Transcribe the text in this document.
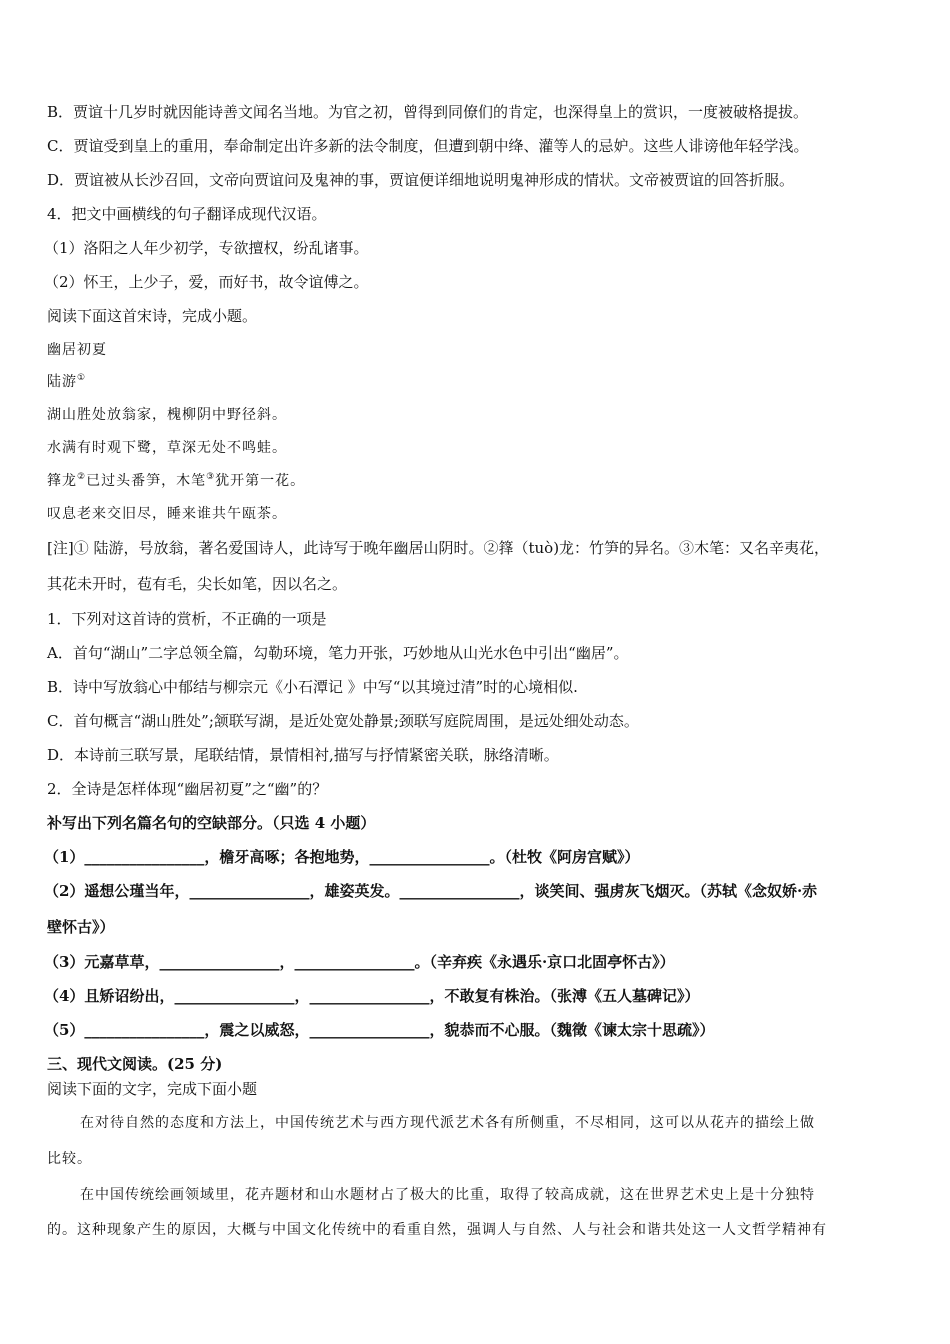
B．贾谊十几岁时就因能诗善文闻名当地。为官之初，曾得到同僚们的肯定，也深得皇上的赏识，一度被破格提拔。
C．贾谊受到皇上的重用，奉命制定出许多新的法令制度，但遭到朝中绛、灌等人的忌妒。这些人诽谤他年轻学浅。
D．贾谊被从长沙召回，文帝向贾谊问及鬼神的事，贾谊便详细地说明鬼神形成的情状。文帝被贾谊的回答折服。
4．把文中画横线的句子翻译成现代汉语。
（1）洛阳之人年少初学，专欲擅权，纷乱诸事。
（2）怀王，上少子，爱，而好书，故令谊傅之。
阅读下面这首宋诗，完成小题。
幽居初夏
陆游①
湖山胜处放翁家，槐柳阴中野径斜。
水满有时观下鹭，草深无处不鸣蛙。
箨龙②已过头番笋，木笔③犹开第一花。
叹息老来交旧尽，睡来谁共午瓯茶。
[注]① 陆游，号放翁，著名爱国诗人，此诗写于晚年幽居山阴时。②箨（tuò)龙：竹笋的异名。③木笔：又名辛夷花，
其花未开时，苞有毛，尖长如笔，因以名之。
1．下列对这首诗的赏析，不正确的一项是
A．首句“湖山”二字总领全篇，勾勒环境，笔力开张，巧妙地从山光水色中引出“幽居”。
B．诗中写放翁心中郁结与柳宗元《小石潭记 》中写“以其境过清”时的心境相似.
C．首句概言“湖山胜处”;颔联写湖，是近处宽处静景;颈联写庭院周围，是远处细处动态。
D．本诗前三联写景，尾联结情，景情相衬,描写与抒情紧密关联，脉络清晰。
2．全诗是怎样体现“幽居初夏”之“幽”的？
补写出下列名篇名句的空缺部分。（只选 4 小题）
（1）________________，檐牙高啄；各抱地势，________________。（杜牧《阿房宫赋》）
（2）遥想公瑾当年，________________，雄姿英发。________________，谈笑间、强虏灰飞烟灭。（苏轼《念奴娇·赤
壁怀古》）
（3）元嘉草草，________________，________________。（辛弃疾《永遇乐·京口北固亭怀古》）
（4）且矫诏纷出，________________，________________，不敢复有株治。（张溥《五人墓碑记》）
（5）________________，震之以威怒，________________，貌恭而不心服。（魏徵《谏太宗十思疏》）
三、现代文阅读。(25 分)
阅读下面的文字，完成下面小题
在对待自然的态度和方法上，中国传统艺术与西方现代派艺术各有所侧重，不尽相同，这可以从花卉的描绘上做
比较。
在中国传统绘画领域里，花卉题材和山水题材占了极大的比重，取得了较高成就，这在世界艺术史上是十分独特
的。这种现象产生的原因，大概与中国文化传统中的看重自然，强调人与自然、人与社会和谐共处这一人文哲学精神有
